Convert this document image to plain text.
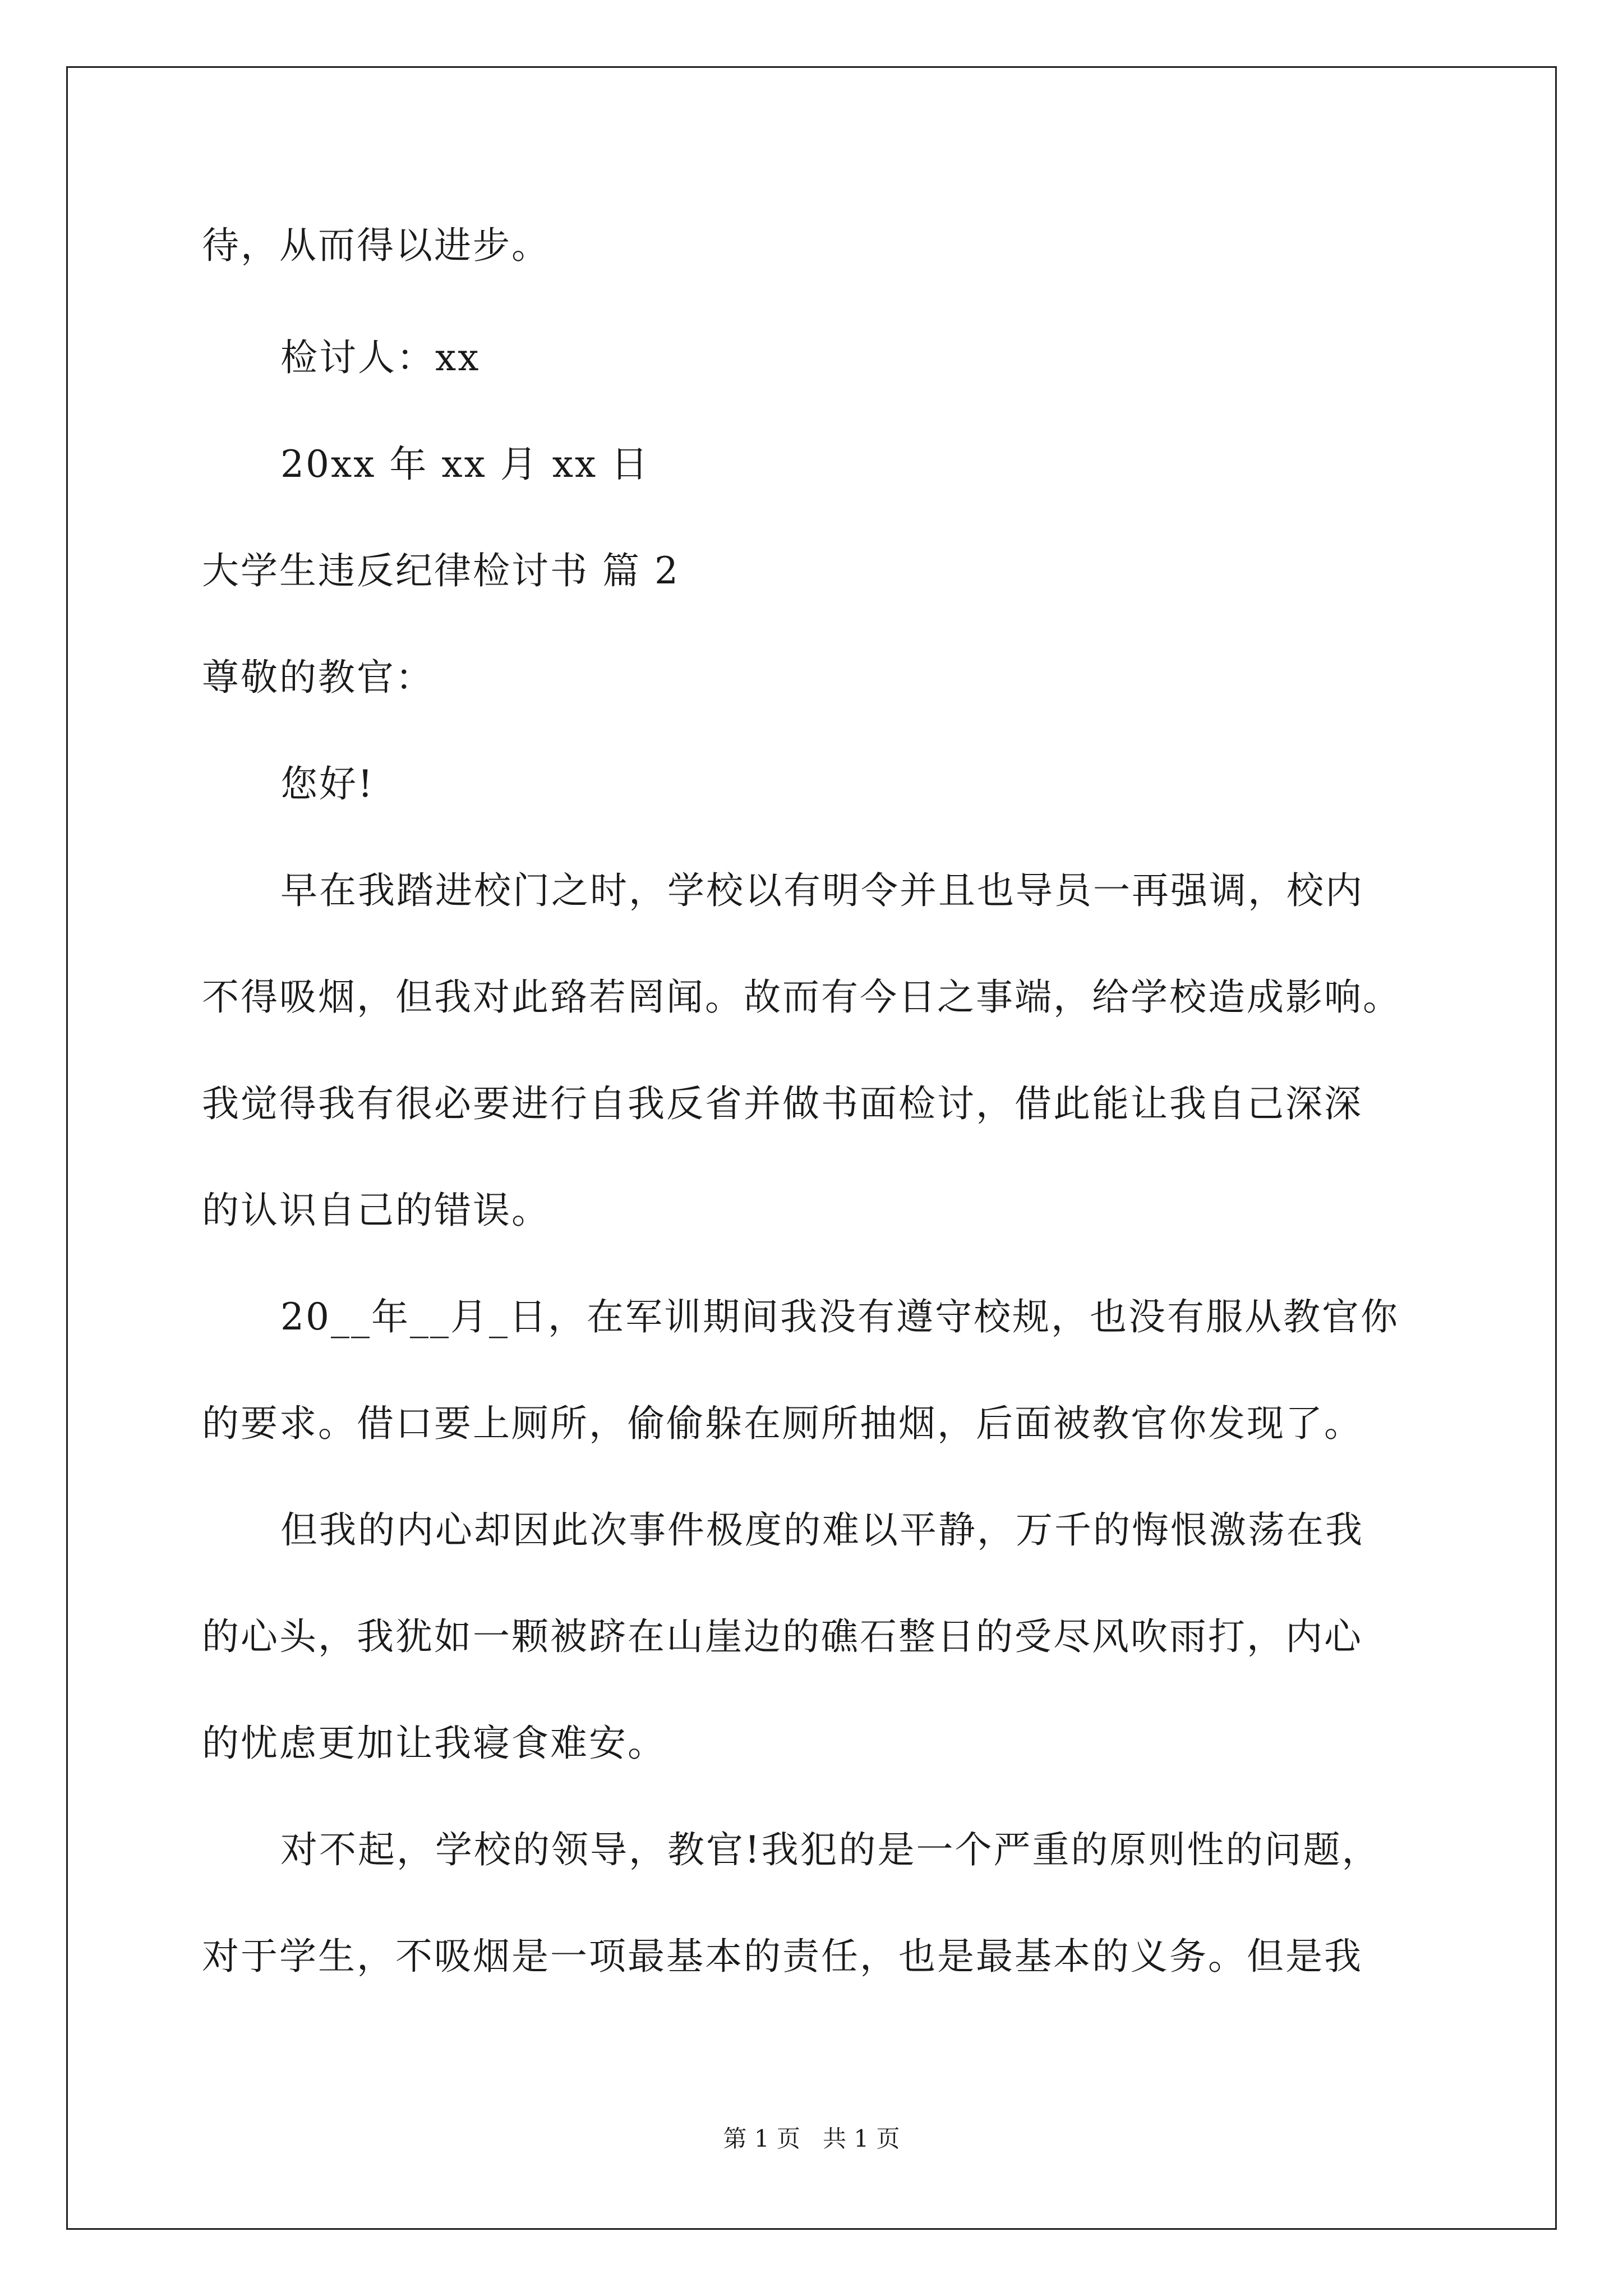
待，从而得以进步。
检讨人：xx
20xx 年 xx 月 xx 日
大学生违反纪律检讨书 篇 2
尊敬的教官：
您好!
早在我踏进校门之时，学校以有明令并且也导员一再强调，校内
不得吸烟，但我对此臵若罔闻。故而有今日之事端，给学校造成影响。
我觉得我有很必要进行自我反省并做书面检讨，借此能让我自己深深
的认识自己的错误。
20__年__月_日，在军训期间我没有遵守校规，也没有服从教官你
的要求。借口要上厕所，偷偷躲在厕所抽烟，后面被教官你发现了。
但我的内心却因此次事件极度的难以平静，万千的悔恨激荡在我
的心头，我犹如一颗被跻在山崖边的礁石整日的受尽风吹雨打，内心
的忧虑更加让我寝食难安。
对不起，学校的领导，教官!我犯的是一个严重的原则性的问题，
对于学生，不吸烟是一项最基本的责任，也是最基本的义务。但是我
第 1 页   共 1 页
